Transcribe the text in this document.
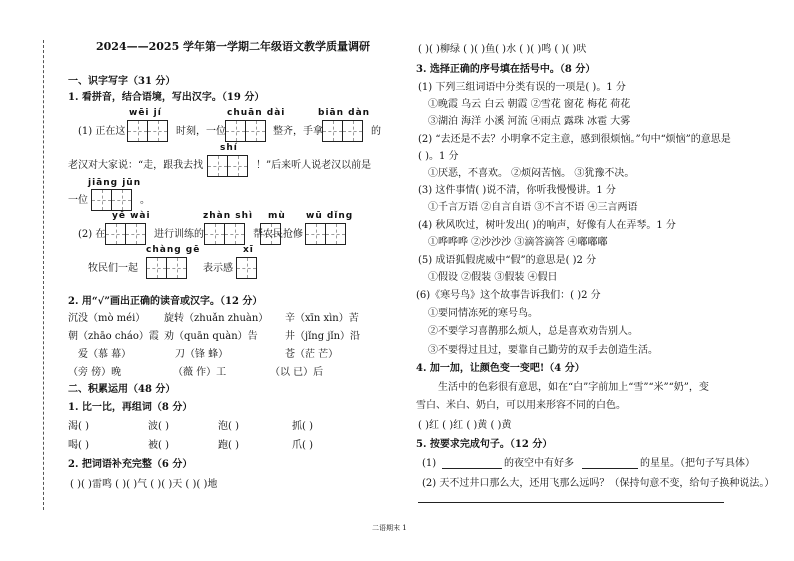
2024——2025 学年第一学期二年级语文教学质量调研
一、识字写字（31 分）
1. 看拼音，结合语境，写出汉字。（19 分）
wēi jí	chuān dài	biān dàn
(1) 正在这	时刻，一位	整齐，手拿	的
shí
老汉对大家说：“走，跟我去找	！”后来听人说老汉以前是
jiāng jūn
一位	。
yě wài	zhàn shì mù wū dǐng
(2) 在	进行训练的	帮农民抢修
chàng gē	xī
牧民们一起	表示感
2. 用“√”画出正确的读音或汉字。（12 分）
沉没（mò méi） 旋转（zhuǎn zhuàn） 辛（xīn xìn）苦
朝（zhāo cháo）霞 劝（quān quàn）告	井（jǐng jǐn）沿
爱（慕 幕）	刀（锋 蜂）	苍（茫 芒）
（旁 傍）晚	（薇 作）工	（以 已）后
二、积累运用（48 分）
1. 比一比，再组词（8 分）
渴( )	波( )	泡( )	抓( )
喝( )	被( )	跑( )	爪( )
2. 把词语补充完整（6 分）
( )( )雷鸣 ( )( )气 ( )( )天 ( )( )地
( )( )柳绿 ( )( )鱼( )水 ( )( )鸣 ( )( )吠
3. 选择正确的序号填在括号中。（8 分）
(1) 下列三组词语中分类有误的一项是( )。1 分
①晚霞 乌云 白云 朝霞 ②雪花 窗花 梅花 荷花
③湖泊 海洋 小溪 河流 ④雨点 露珠 冰雹 大雾
(2) “去还是不去？小明拿不定主意，感到很烦恼。”句中“烦恼”的意思是
( )。1 分
①厌恶，不喜欢。 ②烦闷苦恼。 ③犹豫不决。
(3) 这件事情( )说不清，你听我慢慢讲。1 分
①千言万语 ②自言自语 ③不言不语 ④三言两语
(4) 秋风吹过，树叶发出( )的响声，好像有人在弄琴。1 分
①哗哗哗 ②沙沙沙 ③滴答滴答 ④嘟嘟嘟
(5) 成语狐假虎威中“假”的意思是( )2 分
①假设 ②假装 ③假装 ④假日
(6)《寒号鸟》这个故事告诉我们：( )2 分
①要同情冻死的寒号鸟。
②不要学习喜鹊那么烦人，总是喜欢劝告别人。
③不要得过且过，要靠自己勤劳的双手去创造生活。
4. 加一加，让颜色变一变吧!（4 分）
生活中的色彩很有意思，如在“白”字前加上“雪”“米”“奶”，变
雪白、米白、奶白，可以用来形容不同的白色。
( )红 ( )红 ( )黄 ( )黄
5. 按要求完成句子。（12 分）
(1)	的夜空中有好多	的星星。（把句子写具体）
(2) 天不过井口那么大，还用飞那么远吗？（保持句意不变，给句子换种说法。）
二语期末 1
